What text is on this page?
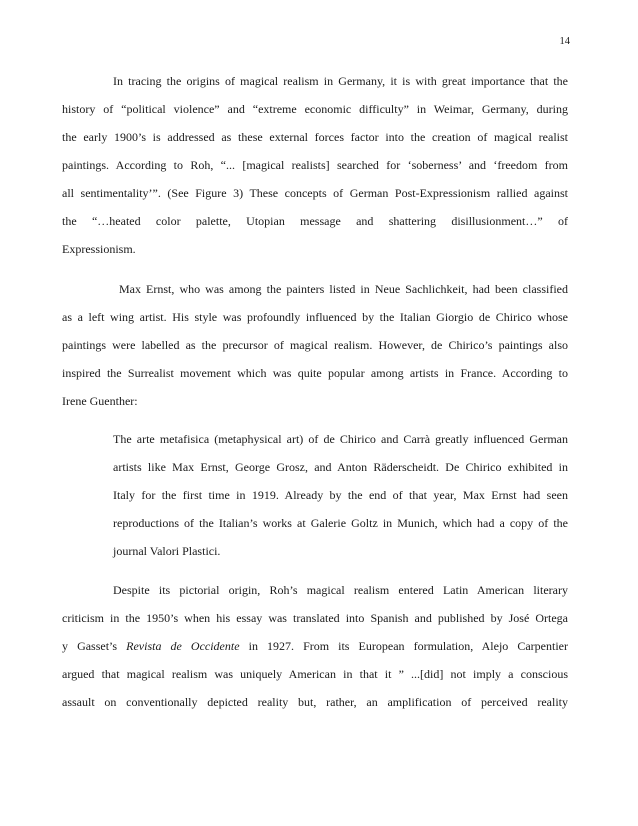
14
In tracing the origins of magical realism in Germany, it is with great importance that the
history of “political violence” and “extreme economic difficulty” in Weimar, Germany, during
the early 1900’s is addressed as these external forces factor into the creation of magical realist
paintings. According to Roh, “... [magical realists] searched for ‘soberness’ and ‘freedom from
all sentimentality’”. (See Figure 3) These concepts of German Post-Expressionism rallied against
the “…heated color palette, Utopian message and shattering disillusionment…” of
Expressionism.
Max Ernst, who was among the painters listed in Neue Sachlichkeit, had been classified
as a left wing artist. His style was profoundly influenced by the Italian Giorgio de Chirico whose
paintings were labelled as the precursor of magical realism. However, de Chirico’s paintings also
inspired the Surrealist movement which was quite popular among artists in France. According to
Irene Guenther:
The arte metafisica (metaphysical art) of de Chirico and Carrà greatly influenced German
artists like Max Ernst, George Grosz, and Anton Räderscheidt. De Chirico exhibited in
Italy for the first time in 1919. Already by the end of that year, Max Ernst had seen
reproductions of the Italian’s works at Galerie Goltz in Munich, which had a copy of the
journal Valori Plastici.
Despite its pictorial origin, Roh’s magical realism entered Latin American literary
criticism in the 1950’s when his essay was translated into Spanish and published by José Ortega
y Gasset’s Revista de Occidente in 1927. From its European formulation, Alejo Carpentier
argued that magical realism was uniquely American in that it ” ...[did] not imply a conscious
assault on conventionally depicted reality but, rather, an amplification of perceived reality
